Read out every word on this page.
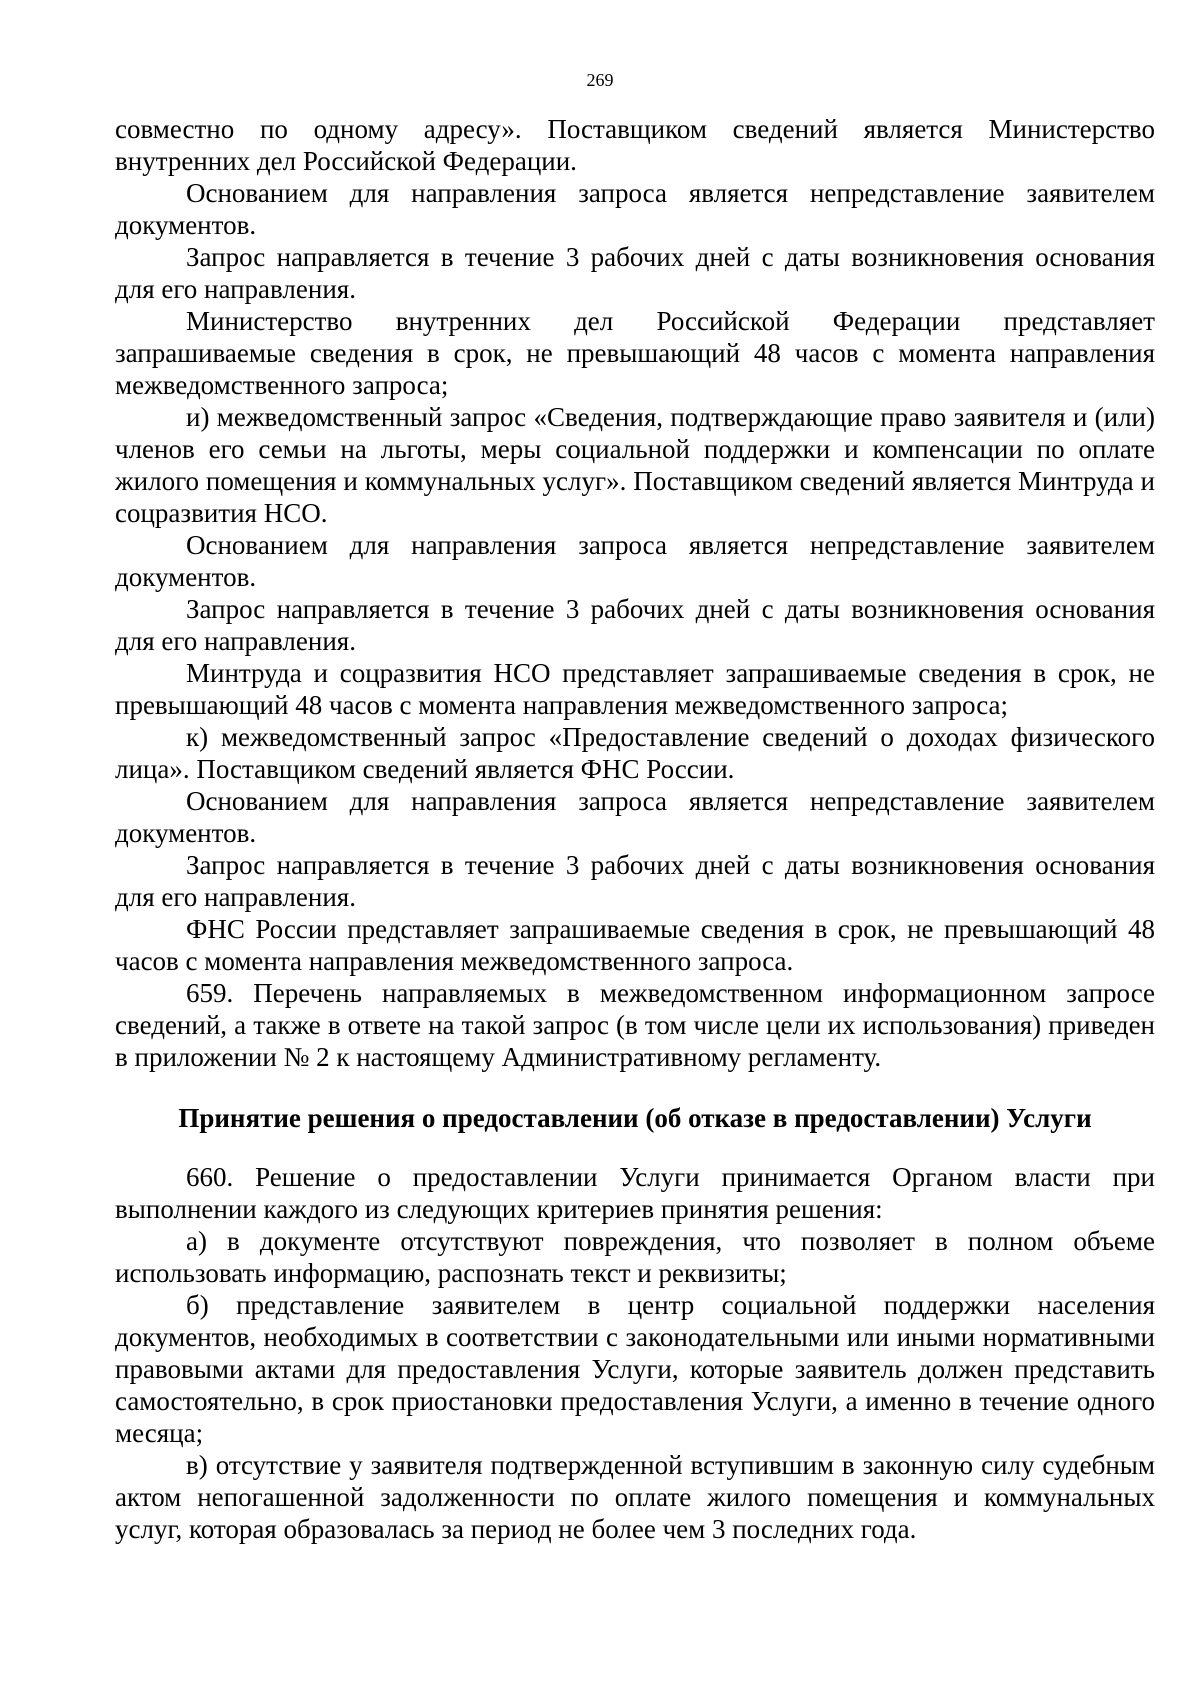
269

совместно по одному адресу». Поставщиком сведений является Министерство внутренних дел Российской Федерации.

Основанием для направления запроса является непредставление заявителем документов.

Запрос направляется в течение 3 рабочих дней с даты возникновения основания для его направления.

Министерство внутренних дел Российской Федерации представляет запрашиваемые сведения в срок, не превышающий 48 часов с момента направления межведомственного запроса;

и) межведомственный запрос «Сведения, подтверждающие право заявителя и (или) членов его семьи на льготы, меры социальной поддержки и компенсации по оплате жилого помещения и коммунальных услуг». Поставщиком сведений является Минтруда и соцразвития НСО.

Основанием для направления запроса является непредставление заявителем документов.

Запрос направляется в течение 3 рабочих дней с даты возникновения основания для его направления.

Минтруда и соцразвития НСО представляет запрашиваемые сведения в срок, не превышающий 48 часов с момента направления межведомственного запроса;

к) межведомственный запрос «Предоставление сведений о доходах физического лица». Поставщиком сведений является ФНС России.

Основанием для направления запроса является непредставление заявителем документов.

Запрос направляется в течение 3 рабочих дней с даты возникновения основания для его направления.

ФНС России представляет запрашиваемые сведения в срок, не превышающий 48 часов с момента направления межведомственного запроса.

659. Перечень направляемых в межведомственном информационном запросе сведений, а также в ответе на такой запрос (в том числе цели их использования) приведен в приложении № 2 к настоящему Административному регламенту.

Принятие решения о предоставлении (об отказе в предоставлении) Услуги

660. Решение о предоставлении Услуги принимается Органом власти при выполнении каждого из следующих критериев принятия решения:

а) в документе отсутствуют повреждения, что позволяет в полном объеме использовать информацию, распознать текст и реквизиты;

б) представление заявителем в центр социальной поддержки населения документов, необходимых в соответствии с законодательными или иными нормативными правовыми актами для предоставления Услуги, которые заявитель должен представить самостоятельно, в срок приостановки предоставления Услуги, а именно в течение одного месяца;

в) отсутствие у заявителя подтвержденной вступившим в законную силу судебным актом непогашенной задолженности по оплате жилого помещения и коммунальных услуг, которая образовалась за период не более чем 3 последних года.
